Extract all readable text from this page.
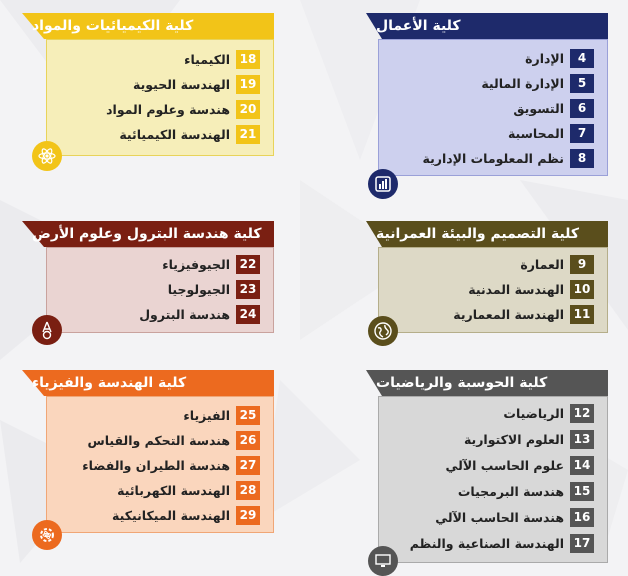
كلية الأعمال
4
الإدارة
5
الإدارة المالية
6
التسويق
7
المحاسبة
8
نظم المعلومات الإدارية
كلية الكيميائيات والمواد
18
الكيمياء
19
الهندسة الحيوية
20
هندسة وعلوم المواد
21
الهندسة الكيميائية
كلية التصميم والبيئة العمرانية
9
العمارة
10
الهندسة المدنية
11
الهندسة المعمارية
كلية هندسة البترول وعلوم الأرض
22
الجيوفيزياء
23
الجيولوجيا
24
هندسة البترول
كلية الحوسبة والرياضيات
12
الرياضيات
13
العلوم الاكتوارية
14
علوم الحاسب الآلي
15
هندسة البرمجيات
16
هندسة الحاسب الآلي
17
الهندسة الصناعية والنظم
كلية الهندسة والفيزياء
25
الفيزياء
26
هندسة التحكم والقياس
27
هندسة الطيران والفضاء
28
الهندسة الكهربائية
29
الهندسة الميكانيكية
